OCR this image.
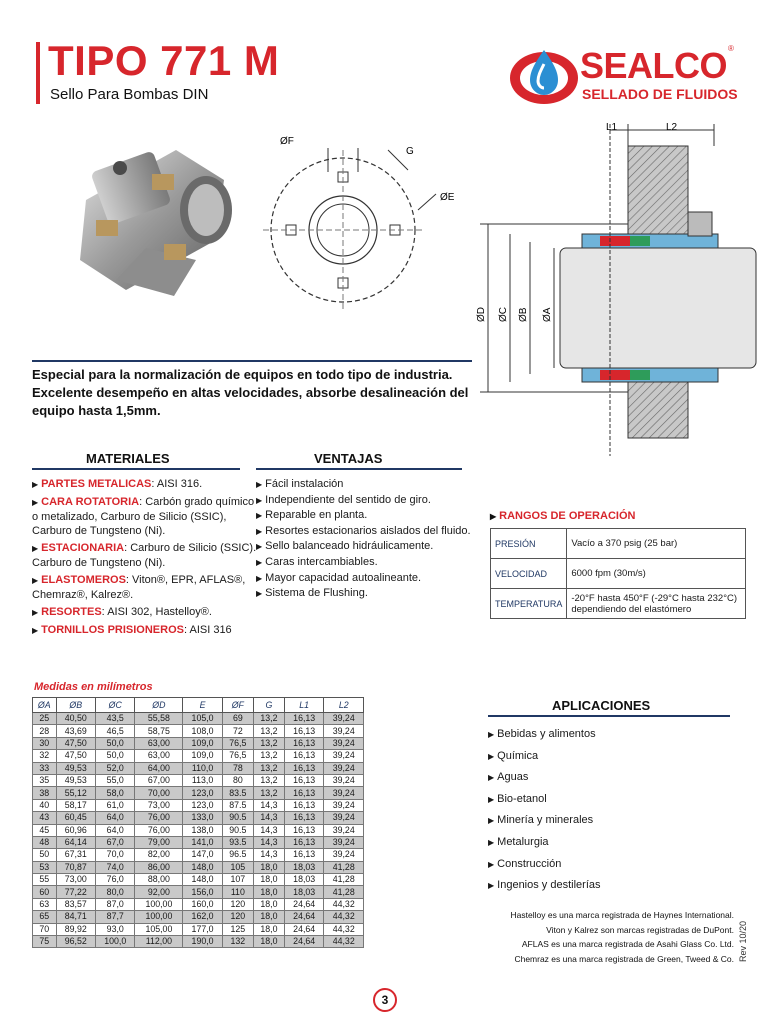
TIPO 771 M
Sello Para Bombas DIN
SEALCO ®
SELLADO DE FLUIDOS
ØF
G
ØE
L1	L2
ØD ØC ØB ØA
Especial para la normalización de equipos en todo tipo de industria. Excelente desempeño en altas velocidades, absorbe desalineación del equipo hasta 1,5mm.
MATERIALES
▶ PARTES METALICAS: AISI 316.
▶ CARA ROTATORIA: Carbón grado químico o metalizado, Carburo de Silicio (SSIC), Carburo de Tungsteno (Ni).
▶ ESTACIONARIA: Carburo de Silicio (SSIC). Carburo de Tungsteno (Ni).
▶ ELASTOMEROS: Viton®, EPR, AFLAS®, Chemraz®, Kalrez®.
▶ RESORTES: AISI 302, Hastelloy®.
▶ TORNILLOS PRISIONEROS: AISI 316
VENTAJAS
▶ Fácil instalación
▶ Independiente del sentido de giro.
▶ Reparable en planta.
▶ Resortes estacionarios aislados del fluido.
▶ Sello balanceado hidráulicamente.
▶ Caras intercambiables.
▶ Mayor capacidad autoalineante.
▶ Sistema de Flushing.
▶ RANGOS DE OPERACIÓN
PRESIÓN	Vacío a 370 psig (25 bar)
VELOCIDAD	6000 fpm (30m/s)
TEMPERATURA	-20°F hasta 450°F (-29°C hasta 232°C) dependiendo del elastómero
Medidas en milímetros
ØA	ØB	ØC	ØD	E	ØF	G	L1	L2
25	40,50	43,5	55,58	105,0	69	13,2	16,13	39,24
28	43,69	46,5	58,75	108,0	72	13,2	16,13	39,24
30	47,50	50,0	63,00	109,0	76,5	13,2	16,13	39,24
32	47,50	50,0	63,00	109,0	76,5	13,2	16,13	39,24
33	49,53	52,0	64,00	110,0	78	13,2	16,13	39,24
35	49,53	55,0	67,00	113,0	80	13,2	16,13	39,24
38	55,12	58,0	70,00	123,0	83.5	13,2	16,13	39,24
40	58,17	61,0	73,00	123,0	87.5	14,3	16,13	39,24
43	60,45	64,0	76,00	133,0	90.5	14,3	16,13	39,24
45	60,96	64,0	76,00	138,0	90.5	14,3	16,13	39,24
48	64,14	67,0	79,00	141,0	93.5	14,3	16,13	39,24
50	67,31	70,0	82,00	147,0	96.5	14,3	16,13	39,24
53	70,87	74,0	86,00	148,0	105	18,0	18,03	41,28
55	73,00	76,0	88,00	148,0	107	18,0	18,03	41,28
60	77,22	80,0	92,00	156,0	110	18,0	18,03	41,28
63	83,57	87,0	100,00	160,0	120	18,0	24,64	44,32
65	84,71	87,7	100,00	162,0	120	18,0	24,64	44,32
70	89,92	93,0	105,00	177,0	125	18,0	24,64	44,32
75	96,52	100,0	112,00	190,0	132	18,0	24,64	44,32
APLICACIONES
▶ Bebidas y alimentos
▶ Química
▶ Aguas
▶ Bio-etanol
▶ Minería y minerales
▶ Metalurgia
▶ Construcción
▶ Ingenios y destilerías
Hastelloy es una marca registrada de Haynes International.
Viton y Kalrez son marcas registradas de DuPont.
AFLAS es una marca registrada de Asahi Glass Co. Ltd.
Chemraz es una marca registrada de Green, Tweed & Co. Rev 10/20
3
